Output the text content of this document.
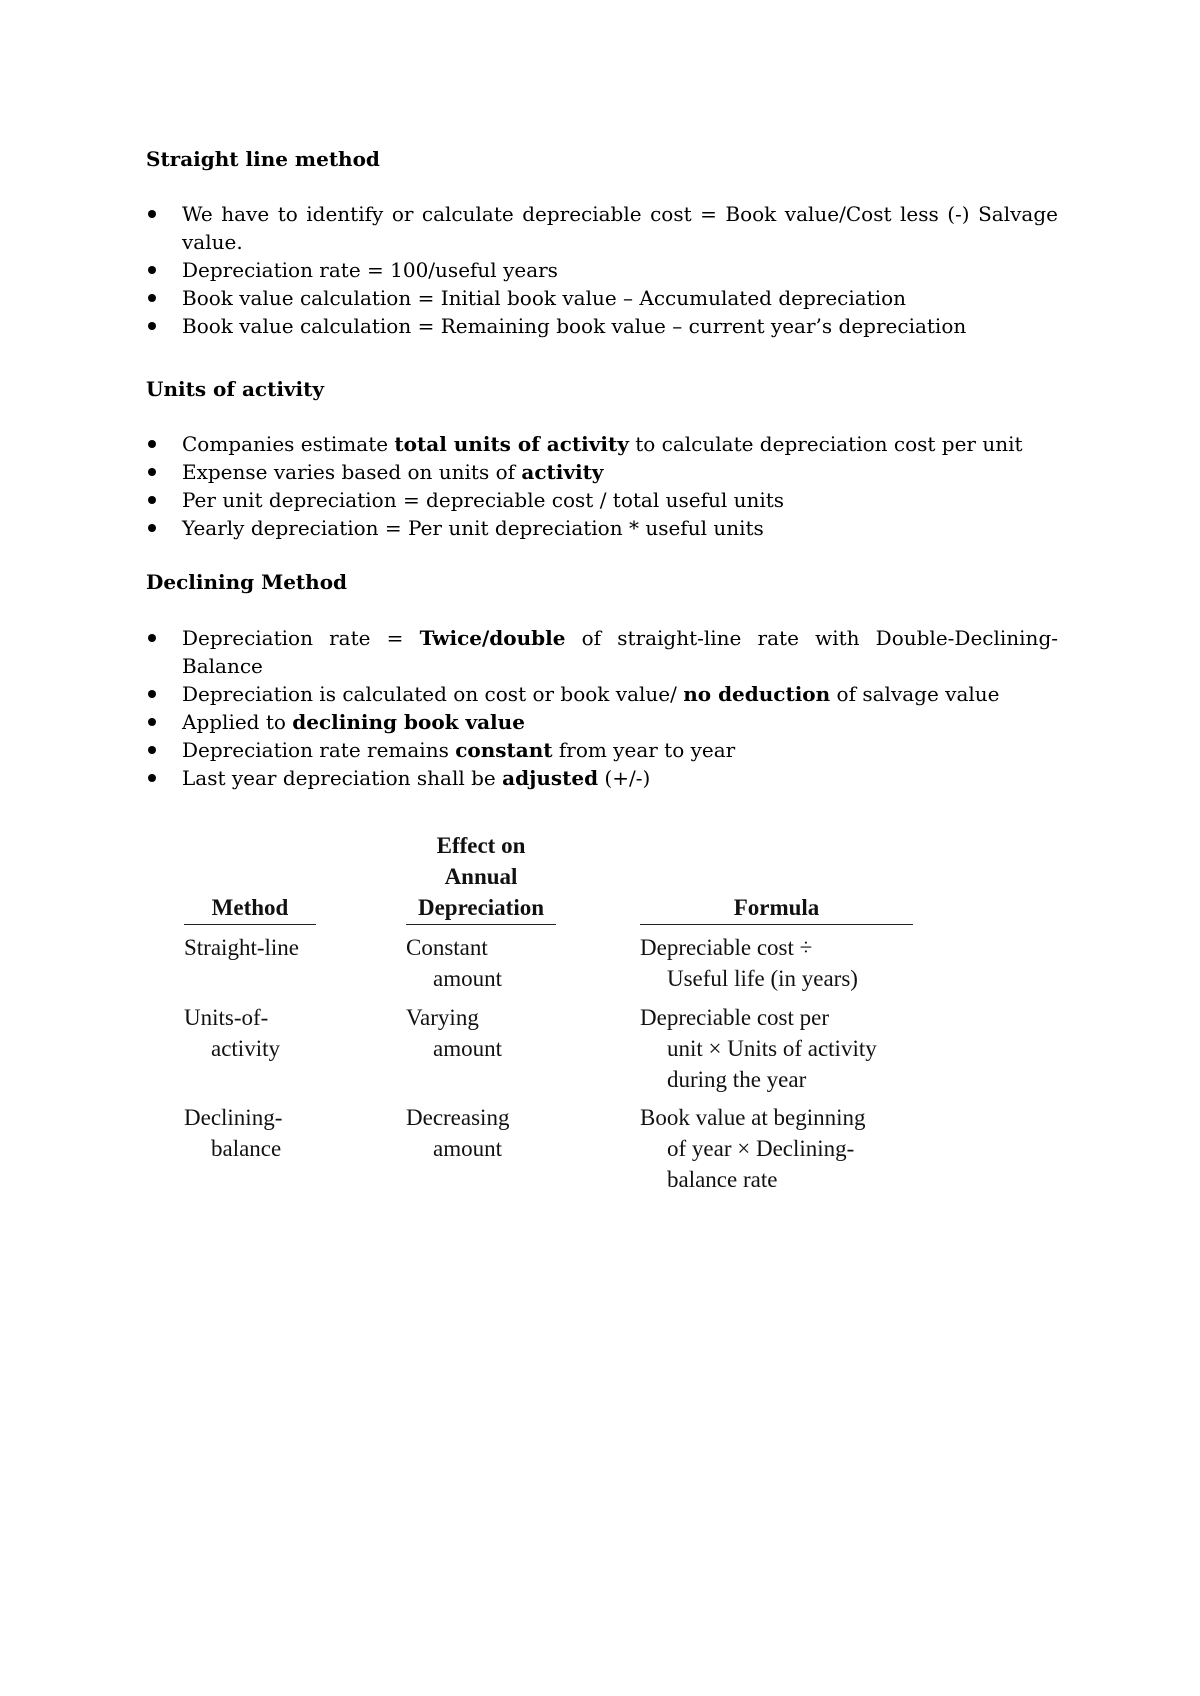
Straight line method
We have to identify or calculate depreciable cost = Book value/Cost less (-) Salvage value.
Depreciation rate = 100/useful years
Book value calculation = Initial book value – Accumulated depreciation
Book value calculation = Remaining book value – current year’s depreciation
Units of activity
Companies estimate total units of activity to calculate depreciation cost per unit
Expense varies based on units of activity
Per unit depreciation = depreciable cost / total useful units
Yearly depreciation = Per unit depreciation * useful units
Declining Method
Depreciation rate = Twice/double of straight-line rate with Double-Declining-Balance
Depreciation is calculated on cost or book value/ no deduction of salvage value
Applied to declining book value
Depreciation rate remains constant from year to year
Last year depreciation shall be adjusted (+/-)
Method
Effect on
Annual
Depreciation	Formula
Straight-line	Constant
amount
Depreciable cost ÷
Useful life (in years)
Units-of-
activity
Varying
amount
Depreciable cost per
unit × Units of activity
during the year
Declining-
balance
Decreasing
amount
Book value at beginning
of year × Declining-
balance rate
